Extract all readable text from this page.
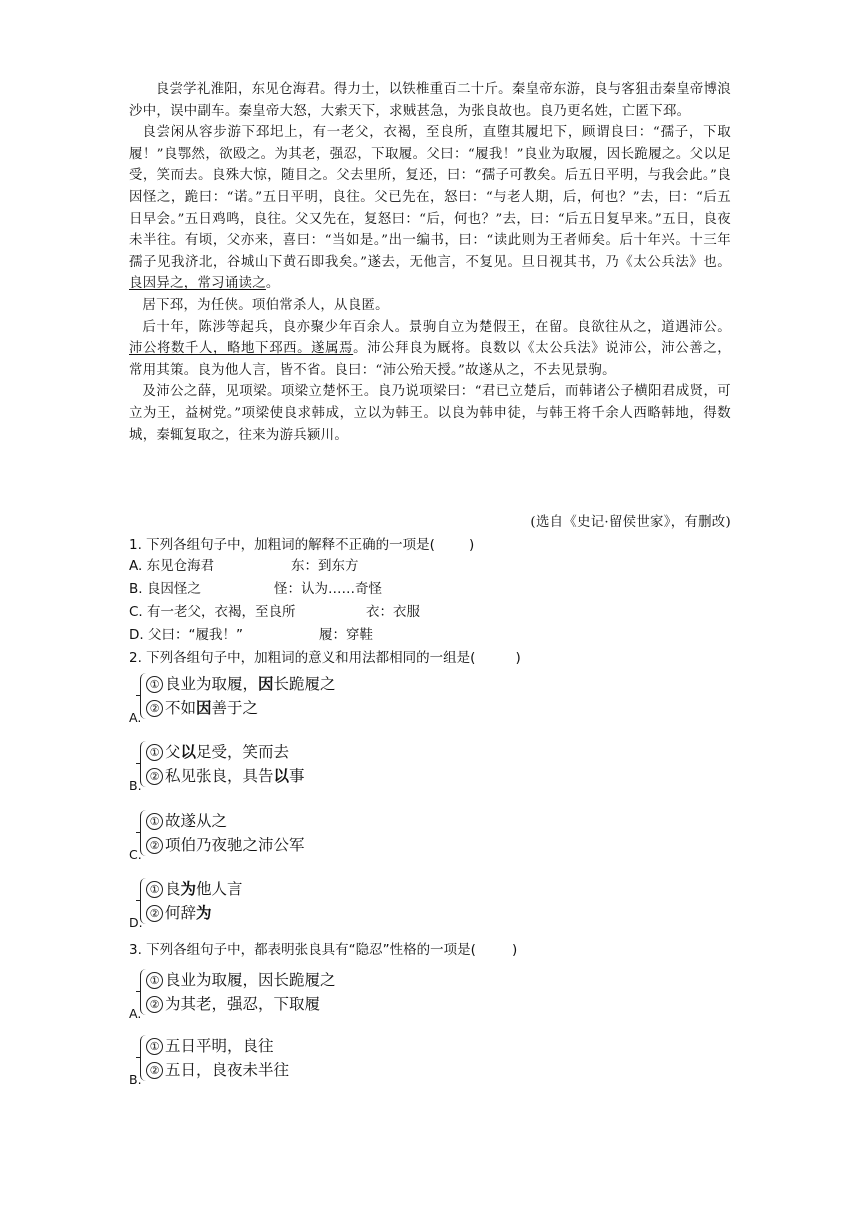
良尝学礼淮阳，东见仓海君。得力士，以铁椎重百二十斤。秦皇帝东游，良与客狙击秦皇帝博浪沙中，误中副车。秦皇帝大怒，大索天下，求贼甚急，为张良故也。良乃更名姓，亡匿下邳。

良尝闲从容步游下邳圯上，有一老父，衣褐，至良所，直堕其履圯下，顾谓良曰：“孺子，下取履！”良鄂然，欲殴之。为其老，强忍，下取履。父曰：“履我！”良业为取履，因长跪履之。父以足受，笑而去。良殊大惊，随目之。父去里所，复还，曰：“孺子可教矣。后五日平明，与我会此。”良因怪之，跪曰：“诺。”五日平明，良往。父已先在，怒曰：“与老人期，后，何也？”去，曰：“后五日早会。”五日鸡鸣，良往。父又先在，复怒曰：“后，何也？”去，曰：“后五日复早来。”五日，良夜未半往。有顷，父亦来，喜曰：“当如是。”出一编书，曰：“读此则为王者师矣。后十年兴。十三年孺子见我济北，谷城山下黄石即我矣。”遂去，无他言，不复见。旦日视其书，乃《太公兵法》也。良因异之，常习诵读之。

居下邳，为任侠。项伯常杀人，从良匿。

后十年，陈涉等起兵，良亦聚少年百余人。景驹自立为楚假王，在留。良欲往从之，道遇沛公。沛公将数千人，略地下邳西。遂属焉。沛公拜良为厩将。良数以《太公兵法》说沛公，沛公善之，常用其策。良为他人言，皆不省。良曰：“沛公殆天授。”故遂从之，不去见景驹。

及沛公之薛，见项梁。项梁立楚怀王。良乃说项梁曰：“君已立楚后，而韩诸公子横阳君成贤，可立为王，益树党。”项梁使良求韩成，立以为韩王。以良为韩申徒，与韩王将千余人西略韩地，得数城，秦辄复取之，往来为游兵颍川。

(选自《史记·留侯世家》，有删改)
1. 下列各组句子中，加粗词的解释不正确的一项是(	)
A. 东见仓海君	东：到东方
B. 良因怪之	怪：认为……奇怪
C. 有一老父，衣褐，至良所	衣：衣服
D. 父曰：“履我！”	履：穿鞋
2. 下列各组句子中，加粗词的意义和用法都相同的一组是(	)
① 良业为取履，因长跪履之
② 不如因善于之
A.
① 父以足受，笑而去
② 私见张良，具告以事
B.
① 故遂从之
② 项伯乃夜驰之沛公军
C.
① 良为他人言
② 何辞为
D.
3. 下列各组句子中，都表明张良具有“隐忍”性格的一项是(	)
① 良业为取履，因长跪履之
② 为其老，强忍，下取履
A.
① 五日平明，良往
② 五日，良夜未半往
B.
